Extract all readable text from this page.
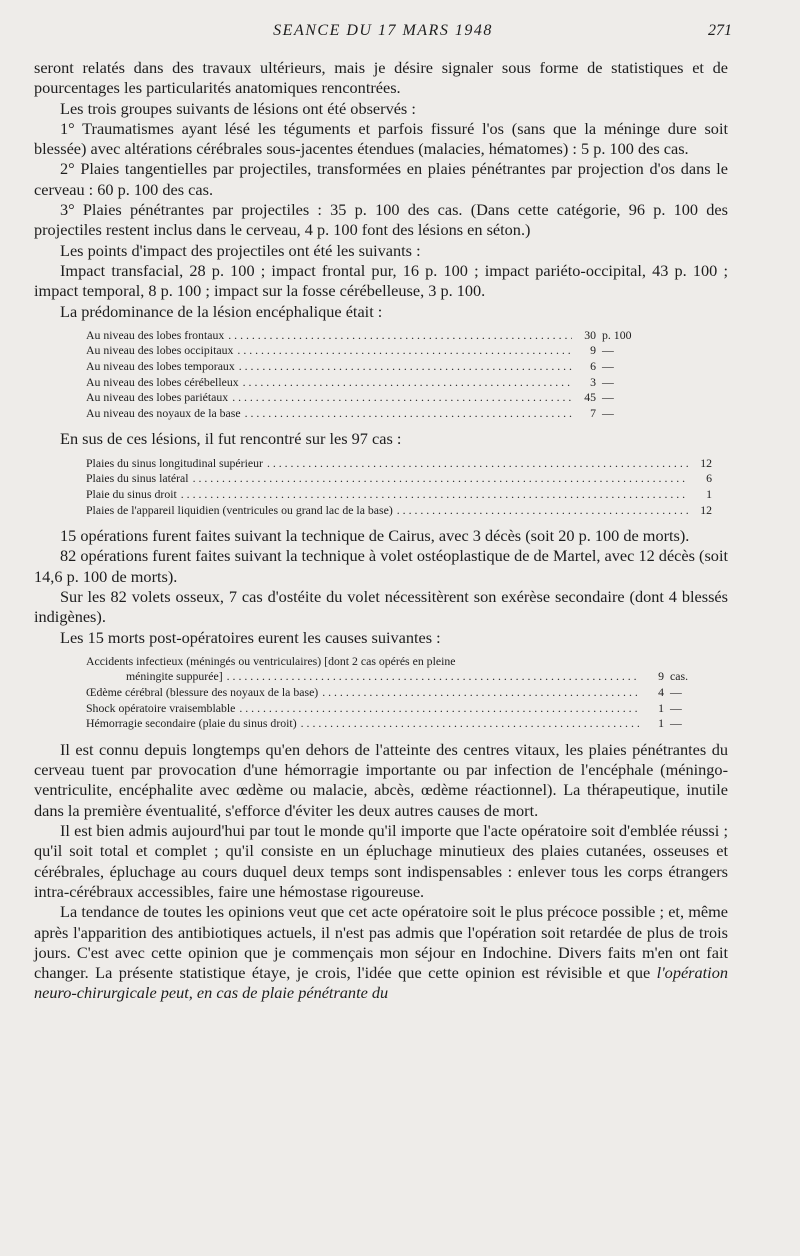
SEANCE DU 17 MARS 1948	271

seront relatés dans des travaux ultérieurs, mais je désire signaler sous forme de statistiques et de pourcentages les particularités anatomiques rencontrées.

Les trois groupes suivants de lésions ont été observés :

1° Traumatismes ayant lésé les téguments et parfois fissuré l'os (sans que la méninge dure soit blessée) avec altérations cérébrales sous-jacentes étendues (malacies, hématomes) : 5 p. 100 des cas.

2° Plaies tangentielles par projectiles, transformées en plaies pénétrantes par projection d'os dans le cerveau : 60 p. 100 des cas.

3° Plaies pénétrantes par projectiles : 35 p. 100 des cas. (Dans cette catégorie, 96 p. 100 des projectiles restent inclus dans le cerveau, 4 p. 100 font des lésions en séton.)

Les points d'impact des projectiles ont été les suivants :

Impact transfacial, 28 p. 100 ; impact frontal pur, 16 p. 100 ; impact pariéto-occipital, 43 p. 100 ; impact temporal, 8 p. 100 ; impact sur la fosse cérébelleuse, 3 p. 100.

La prédominance de la lésion encéphalique était :

Au niveau des lobes frontaux . . .	30 p. 100
Au niveau des lobes occipitaux . . .	9 —
Au niveau des lobes temporaux . . .	6 —
Au niveau des lobes cérébelleux . . .	3 —
Au niveau des lobes pariétaux . . .	45 —
Au niveau des noyaux de la base . . .	7 —

En sus de ces lésions, il fut rencontré sur les 97 cas :

Plaies du sinus longitudinal supérieur . . .	12
Plaies du sinus latéral . . .	6
Plaie du sinus droit . . .	1
Plaies de l'appareil liquidien (ventricules ou grand lac de la base) . . .	12

15 opérations furent faites suivant la technique de Cairus, avec 3 décès (soit 20 p. 100 de morts).

82 opérations furent faites suivant la technique à volet ostéoplastique de de Martel, avec 12 décès (soit 14,6 p. 100 de morts).

Sur les 82 volets osseux, 7 cas d'ostéite du volet nécessitèrent son exérèse secondaire (dont 4 blessés indigènes).

Les 15 morts post-opératoires eurent les causes suivantes :

Accidents infectieux (méningés ou ventriculaires) [dont 2 cas opérés en pleine
méningite suppurée] . . .	9 cas.
Œdème cérébral (blessure des noyaux de la base) . . .	4 —
Shock opératoire vraisemblable . . .	1 —
Hémorragie secondaire (plaie du sinus droit) . . .	1 —

Il est connu depuis longtemps qu'en dehors de l'atteinte des centres vitaux, les plaies pénétrantes du cerveau tuent par provocation d'une hémorragie importante ou par infection de l'encéphale (méningo-ventriculite, encéphalite avec œdème ou malacie, abcès, œdème réactionnel). La thérapeutique, inutile dans la première éventualité, s'efforce d'éviter les deux autres causes de mort.

Il est bien admis aujourd'hui par tout le monde qu'il importe que l'acte opératoire soit d'emblée réussi ; qu'il soit total et complet ; qu'il consiste en un épluchage minutieux des plaies cutanées, osseuses et cérébrales, épluchage au cours duquel deux temps sont indispensables : enlever tous les corps étrangers intra-cérébraux accessibles, faire une hémostase rigoureuse.

La tendance de toutes les opinions veut que cet acte opératoire soit le plus précoce possible ; et, même après l'apparition des antibiotiques actuels, il n'est pas admis que l'opération soit retardée de plus de trois jours. C'est avec cette opinion que je commençais mon séjour en Indochine. Divers faits m'en ont fait changer. La présente statistique étaye, je crois, l'idée que cette opinion est révisible et que l'opération neuro-chirurgicale peut, en cas de plaie pénétrante du
